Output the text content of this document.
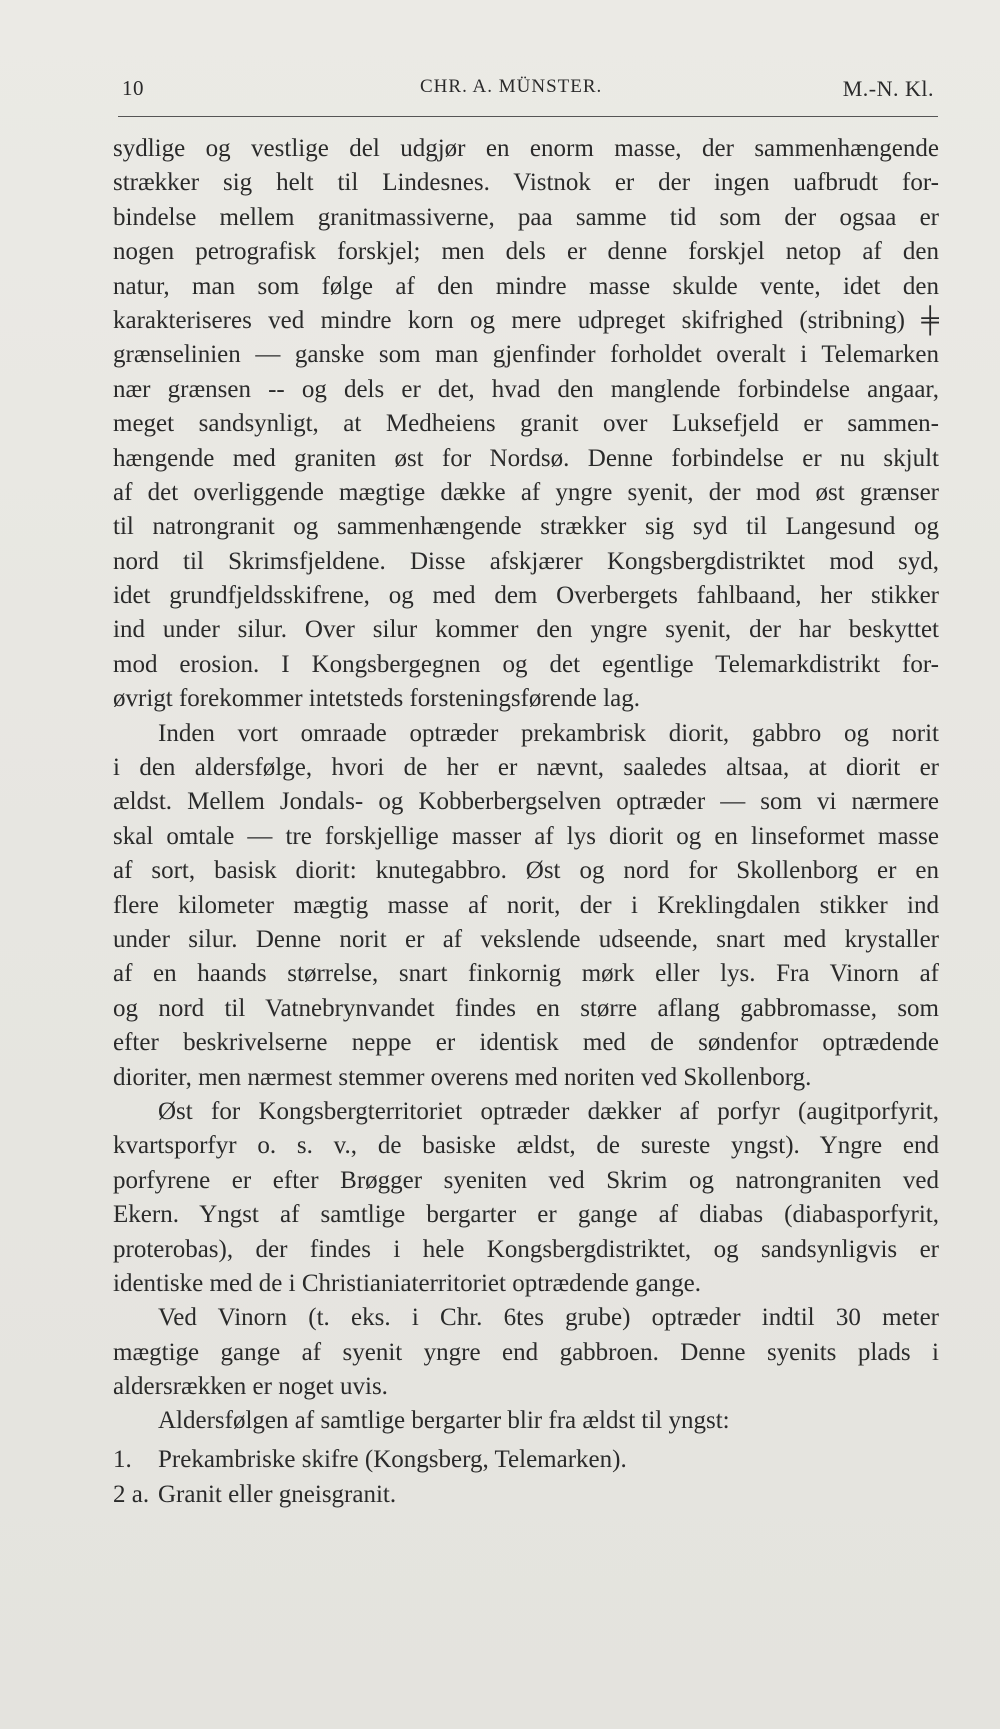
10	CHR. A. MÜNSTER.	M.-N. Kl.
sydlige og vestlige del udgjør en enorm masse, der sammenhængende
strækker sig helt til Lindesnes. Vistnok er der ingen uafbrudt for-
bindelse mellem granitmassiverne, paa samme tid som der ogsaa er
nogen petrografisk forskjel; men dels er denne forskjel netop af den
natur, man som følge af den mindre masse skulde vente, idet den
karakteriseres ved mindre korn og mere udpreget skifrighed (stribning) ╪
grænselinien — ganske som man gjenfinder forholdet overalt i Telemarken
nær grænsen -- og dels er det, hvad den manglende forbindelse angaar,
meget sandsynligt, at Medheiens granit over Luksefjeld er sammen-
hængende med graniten øst for Nordsø. Denne forbindelse er nu skjult
af det overliggende mægtige dække af yngre syenit, der mod øst grænser
til natrongranit og sammenhængende strækker sig syd til Langesund og
nord til Skrimsfjeldene. Disse afskjærer Kongsbergdistriktet mod syd,
idet grundfjeldsskifrene, og med dem Overbergets fahlbaand, her stikker
ind under silur. Over silur kommer den yngre syenit, der har beskyttet
mod erosion. I Kongsbergegnen og det egentlige Telemarkdistrikt for-
øvrigt forekommer intetsteds forsteningsførende lag.
Inden vort omraade optræder prekambrisk diorit, gabbro og norit
i den aldersfølge, hvori de her er nævnt, saaledes altsaa, at diorit er
ældst. Mellem Jondals- og Kobberbergselven optræder — som vi nærmere
skal omtale — tre forskjellige masser af lys diorit og en linseformet masse
af sort, basisk diorit: knutegabbro. Øst og nord for Skollenborg er en
flere kilometer mægtig masse af norit, der i Kreklingdalen stikker ind
under silur. Denne norit er af vekslende udseende, snart med krystaller
af en haands størrelse, snart finkornig mørk eller lys. Fra Vinorn af
og nord til Vatnebrynvandet findes en større aflang gabbromasse, som
efter beskrivelserne neppe er identisk med de søndenfor optrædende
dioriter, men nærmest stemmer overens med noriten ved Skollenborg.
Øst for Kongsbergterritoriet optræder dækker af porfyr (augitporfyrit,
kvartsporfyr o. s. v., de basiske ældst, de sureste yngst). Yngre end
porfyrene er efter Brøgger syeniten ved Skrim og natrongraniten ved
Ekern. Yngst af samtlige bergarter er gange af diabas (diabasporfyrit,
proterobas), der findes i hele Kongsbergdistriktet, og sandsynligvis er
identiske med de i Christianiaterritoriet optrædende gange.
Ved Vinorn (t. eks. i Chr. 6tes grube) optræder indtil 30 meter
mægtige gange af syenit yngre end gabbroen. Denne syenits plads i
aldersrækken er noget uvis.
Aldersfølgen af samtlige bergarter blir fra ældst til yngst:
1. Prekambriske skifre (Kongsberg, Telemarken).
2 a. Granit eller gneisgranit.
